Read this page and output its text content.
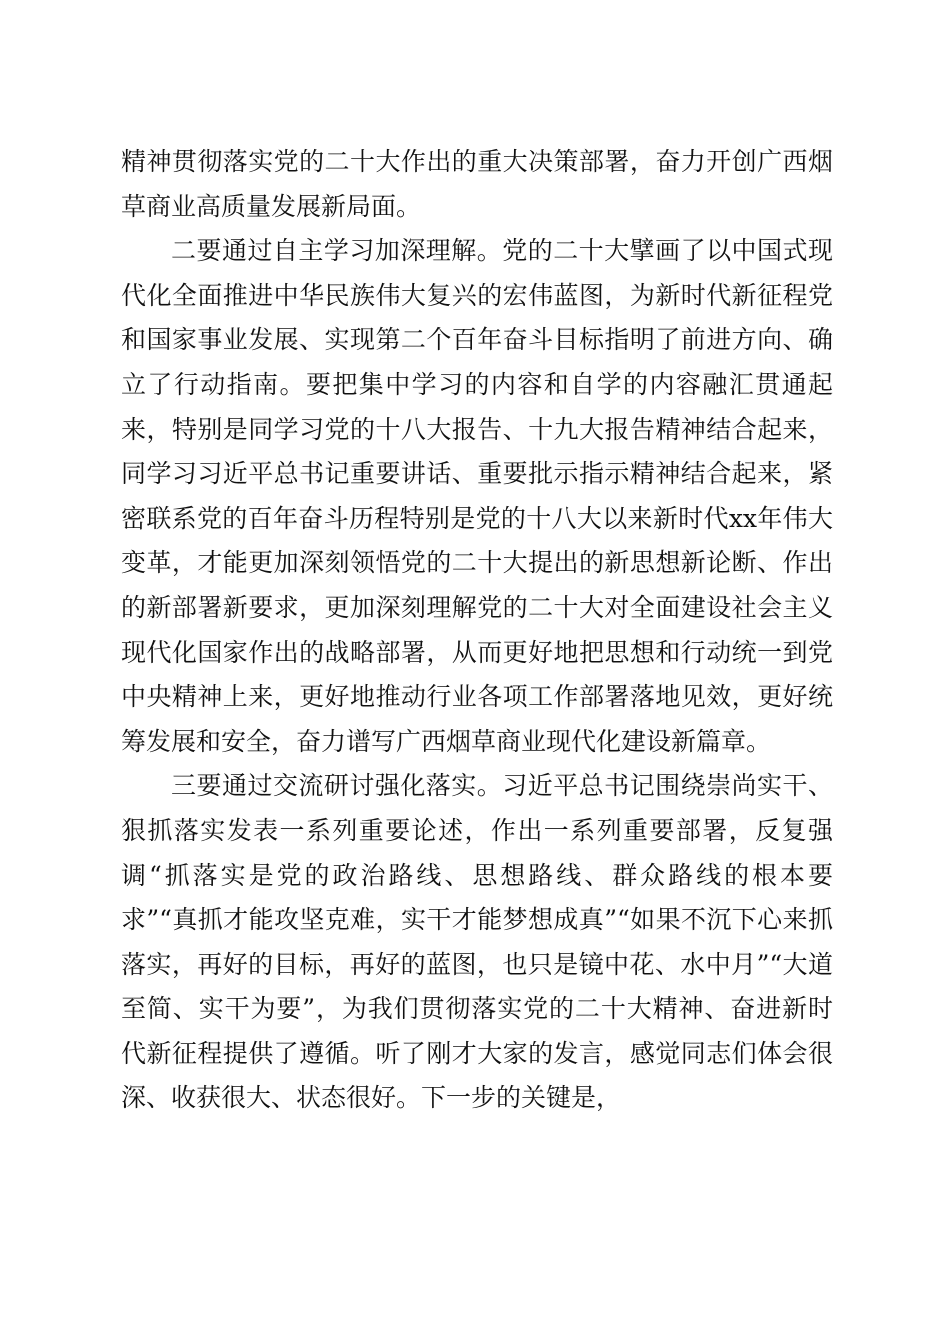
精神贯彻落实党的二十大作出的重大决策部署，奋力开创广西烟草商业高质量发展新局面。

二要通过自主学习加深理解。党的二十大擘画了以中国式现代化全面推进中华民族伟大复兴的宏伟蓝图，为新时代新征程党和国家事业发展、实现第二个百年奋斗目标指明了前进方向、确立了行动指南。要把集中学习的内容和自学的内容融汇贯通起来，特别是同学习党的十八大报告、十九大报告精神结合起来，同学习习近平总书记重要讲话、重要批示指示精神结合起来，紧密联系党的百年奋斗历程特别是党的十八大以来新时代xx年伟大变革，才能更加深刻领悟党的二十大提出的新思想新论断、作出的新部署新要求，更加深刻理解党的二十大对全面建设社会主义现代化国家作出的战略部署，从而更好地把思想和行动统一到党中央精神上来，更好地推动行业各项工作部署落地见效，更好统筹发展和安全，奋力谱写广西烟草商业现代化建设新篇章。

三要通过交流研讨强化落实。习近平总书记围绕崇尚实干、狠抓落实发表一系列重要论述，作出一系列重要部署，反复强调“抓落实是党的政治路线、思想路线、群众路线的根本要求”“真抓才能攻坚克难，实干才能梦想成真”“如果不沉下心来抓落实，再好的目标，再好的蓝图，也只是镜中花、水中月”“大道至简、实干为要”，为我们贯彻落实党的二十大精神、奋进新时代新征程提供了遵循。听了刚才大家的发言，感觉同志们体会很深、收获很大、状态很好。下一步的关键是，
